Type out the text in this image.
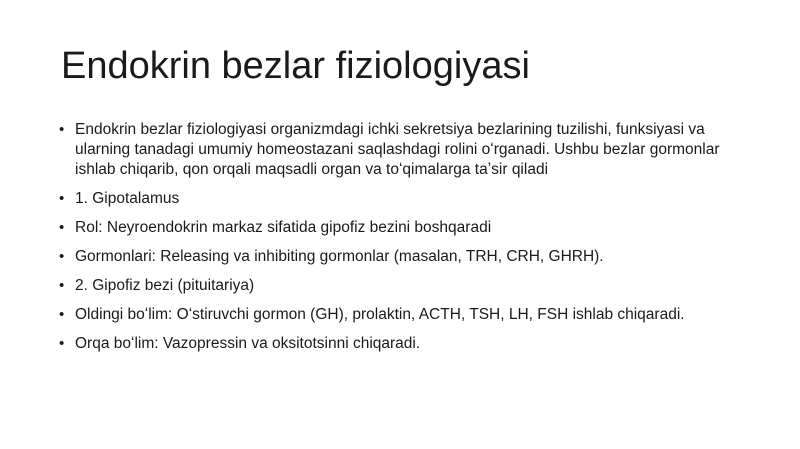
Endokrin bezlar fiziologiyasi
• Endokrin bezlar fiziologiyasi organizmdagi ichki sekretsiya bezlarining tuzilishi, funksiyasi va ularning tanadagi umumiy homeostazani saqlashdagi rolini oʻrganadi. Ushbu bezlar gormonlar ishlab chiqarib, qon orqali maqsadli organ va toʻqimalarga taʼsir qiladi
• 1. Gipotalamus
• Rol: Neyroendokrin markaz sifatida gipofiz bezini boshqaradi
• Gormonlari: Releasing va inhibiting gormonlar (masalan, TRH, CRH, GHRH).
• 2. Gipofiz bezi (pituitariya)
• Oldingi boʻlim: Oʻstiruvchi gormon (GH), prolaktin, ACTH, TSH, LH, FSH ishlab chiqaradi.
• Orqa boʻlim: Vazopressin va oksitotsinni chiqaradi.
